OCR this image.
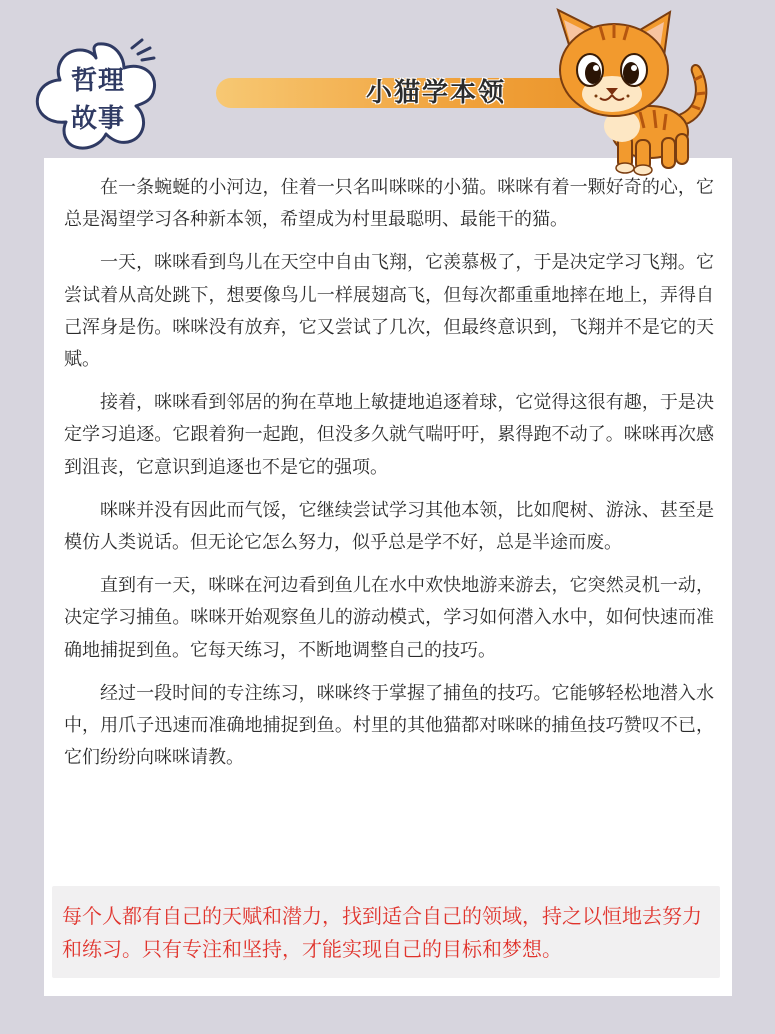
哲理
故事
小猫学本领

在一条蜿蜒的小河边，住着一只名叫咪咪的小猫。咪咪有着一颗好奇的心，它总是渴望学习各种新本领，希望成为村里最聪明、最能干的猫。

一天，咪咪看到鸟儿在天空中自由飞翔，它羡慕极了，于是决定学习飞翔。它尝试着从高处跳下，想要像鸟儿一样展翅高飞，但每次都重重地摔在地上，弄得自己浑身是伤。咪咪没有放弃，它又尝试了几次，但最终意识到，飞翔并不是它的天赋。

接着，咪咪看到邻居的狗在草地上敏捷地追逐着球，它觉得这很有趣，于是决定学习追逐。它跟着狗一起跑，但没多久就气喘吁吁，累得跑不动了。咪咪再次感到沮丧，它意识到追逐也不是它的强项。

咪咪并没有因此而气馁，它继续尝试学习其他本领，比如爬树、游泳、甚至是模仿人类说话。但无论它怎么努力，似乎总是学不好，总是半途而废。

直到有一天，咪咪在河边看到鱼儿在水中欢快地游来游去，它突然灵机一动，决定学习捕鱼。咪咪开始观察鱼儿的游动模式，学习如何潜入水中，如何快速而准确地捕捉到鱼。它每天练习，不断地调整自己的技巧。

经过一段时间的专注练习，咪咪终于掌握了捕鱼的技巧。它能够轻松地潜入水中，用爪子迅速而准确地捕捉到鱼。村里的其他猫都对咪咪的捕鱼技巧赞叹不已，它们纷纷向咪咪请教。

每个人都有自己的天赋和潜力，找到适合自己的领域，持之以恒地去努力和练习。只有专注和坚持，才能实现自己的目标和梦想。
